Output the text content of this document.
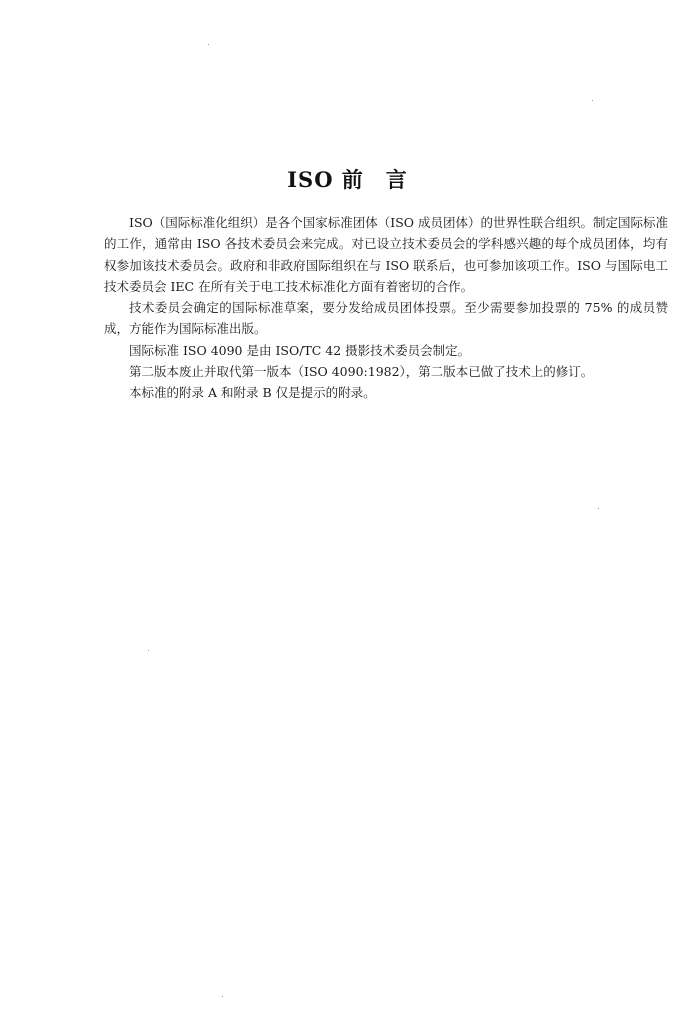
ISO 前　言

ISO（国际标准化组织）是各个国家标准团体（ISO 成员团体）的世界性联合组织。制定国际标准的工作，通常由 ISO 各技术委员会来完成。对已设立技术委员会的学科感兴趣的每个成员团体，均有权参加该技术委员会。政府和非政府国际组织在与 ISO 联系后，也可参加该项工作。ISO 与国际电工技术委员会 IEC 在所有关于电工技术标准化方面有着密切的合作。

技术委员会确定的国际标准草案，要分发给成员团体投票。至少需要参加投票的 75% 的成员赞成，方能作为国际标准出版。

国际标准 ISO 4090 是由 ISO/TC 42 摄影技术委员会制定。

第二版本废止并取代第一版本（ISO 4090:1982），第二版本已做了技术上的修订。

本标准的附录 A 和附录 B 仅是提示的附录。
